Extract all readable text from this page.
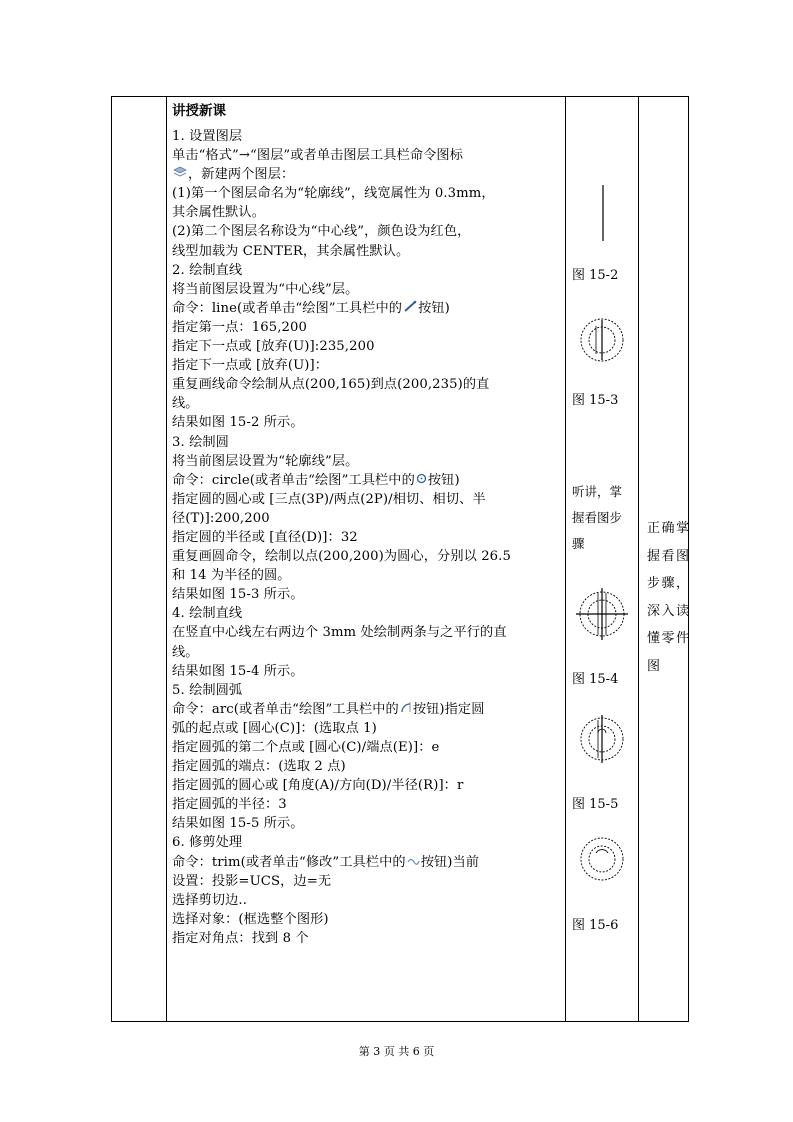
讲授新课
1. 设置图层
单击“格式”→“图层”或者单击图层工具栏命令图标
，新建两个图层：
(1)第一个图层命名为“轮廓线”，线宽属性为 0.3mm，
其余属性默认。
(2)第二个图层名称设为“中心线”，颜色设为红色，
线型加载为 CENTER，其余属性默认。
2. 绘制直线
将当前图层设置为“中心线”层。
命令：line(或者单击“绘图”工具栏中的 按钮)
指定第一点：165,200
指定下一点或 [放弃(U)]:235,200
指定下一点或 [放弃(U)]：
重复画线命令绘制从点(200,165)到点(200,235)的直
线。
结果如图 15-2 所示。
3. 绘制圆
将当前图层设置为“轮廓线”层。
命令：circle(或者单击“绘图”工具栏中的 按钮)
指定圆的圆心或 [三点(3P)/两点(2P)/相切、相切、半
径(T)]:200,200
指定圆的半径或 [直径(D)]：32
重复画圆命令，绘制以点(200,200)为圆心，分别以 26.5
和 14 为半径的圆。
结果如图 15-3 所示。
4. 绘制直线
在竖直中心线左右两边个 3mm 处绘制两条与之平行的直
线。
结果如图 15-4 所示。
5. 绘制圆弧
命令：arc(或者单击“绘图”工具栏中的 按钮)指定圆
弧的起点或 [圆心(C)]：(选取点 1)
指定圆弧的第二个点或 [圆心(C)/端点(E)]：e
指定圆弧的端点：(选取 2 点)
指定圆弧的圆心或 [角度(A)/方向(D)/半径(R)]：r
指定圆弧的半径：3
结果如图 15-5 所示。
6. 修剪处理
命令：trim(或者单击“修改”工具栏中的 按钮)当前
设置：投影=UCS，边=无
选择剪切边..
选择对象：(框选整个图形)
指定对角点：找到 8 个

图 15-2
图 15-3
听讲，掌握看图步骤
图 15-4
图 15-5
图 15-6

正确掌握看图步骤，深入读懂零件图
第 3 页 共 6 页
